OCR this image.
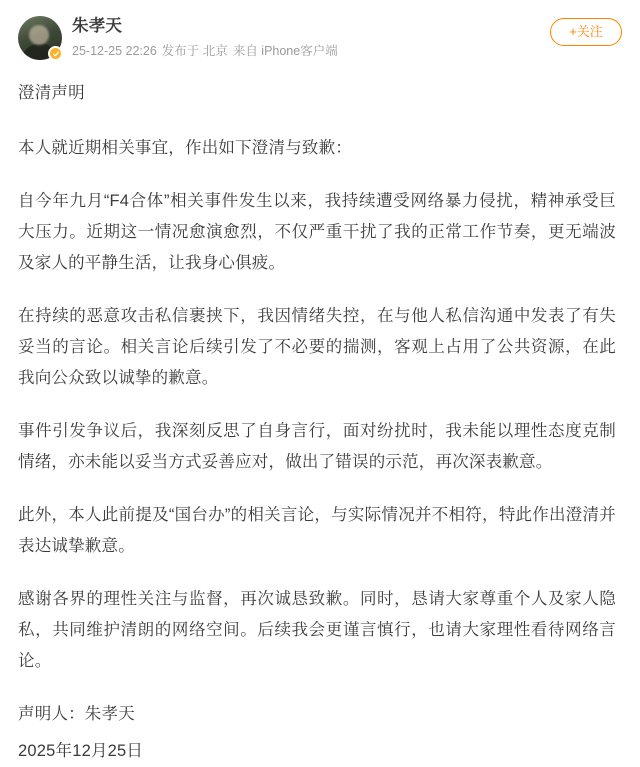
朱孝天
25-12-25 22:26 发布于 北京 来自 iPhone客户端
+关注

澄清声明

本人就近期相关事宜，作出如下澄清与致歉：

自今年九月“F4合体”相关事件发生以来，我持续遭受网络暴力侵扰，精神承受巨大压力。近期这一情况愈演愈烈，不仅严重干扰了我的正常工作节奏，更无端波及家人的平静生活，让我身心俱疲。

在持续的恶意攻击私信裹挟下，我因情绪失控，在与他人私信沟通中发表了有失妥当的言论。相关言论后续引发了不必要的揣测，客观上占用了公共资源，在此我向公众致以诚挚的歉意。

事件引发争议后，我深刻反思了自身言行，面对纷扰时，我未能以理性态度克制情绪，亦未能以妥当方式妥善应对，做出了错误的示范，再次深表歉意。

此外，本人此前提及“国台办”的相关言论，与实际情况并不相符，特此作出澄清并表达诚挚歉意。

感谢各界的理性关注与监督，再次诚恳致歉。同时，恳请大家尊重个人及家人隐私，共同维护清朗的网络空间。后续我会更谨言慎行，也请大家理性看待网络言论。

声明人：朱孝天

2025年12月25日
